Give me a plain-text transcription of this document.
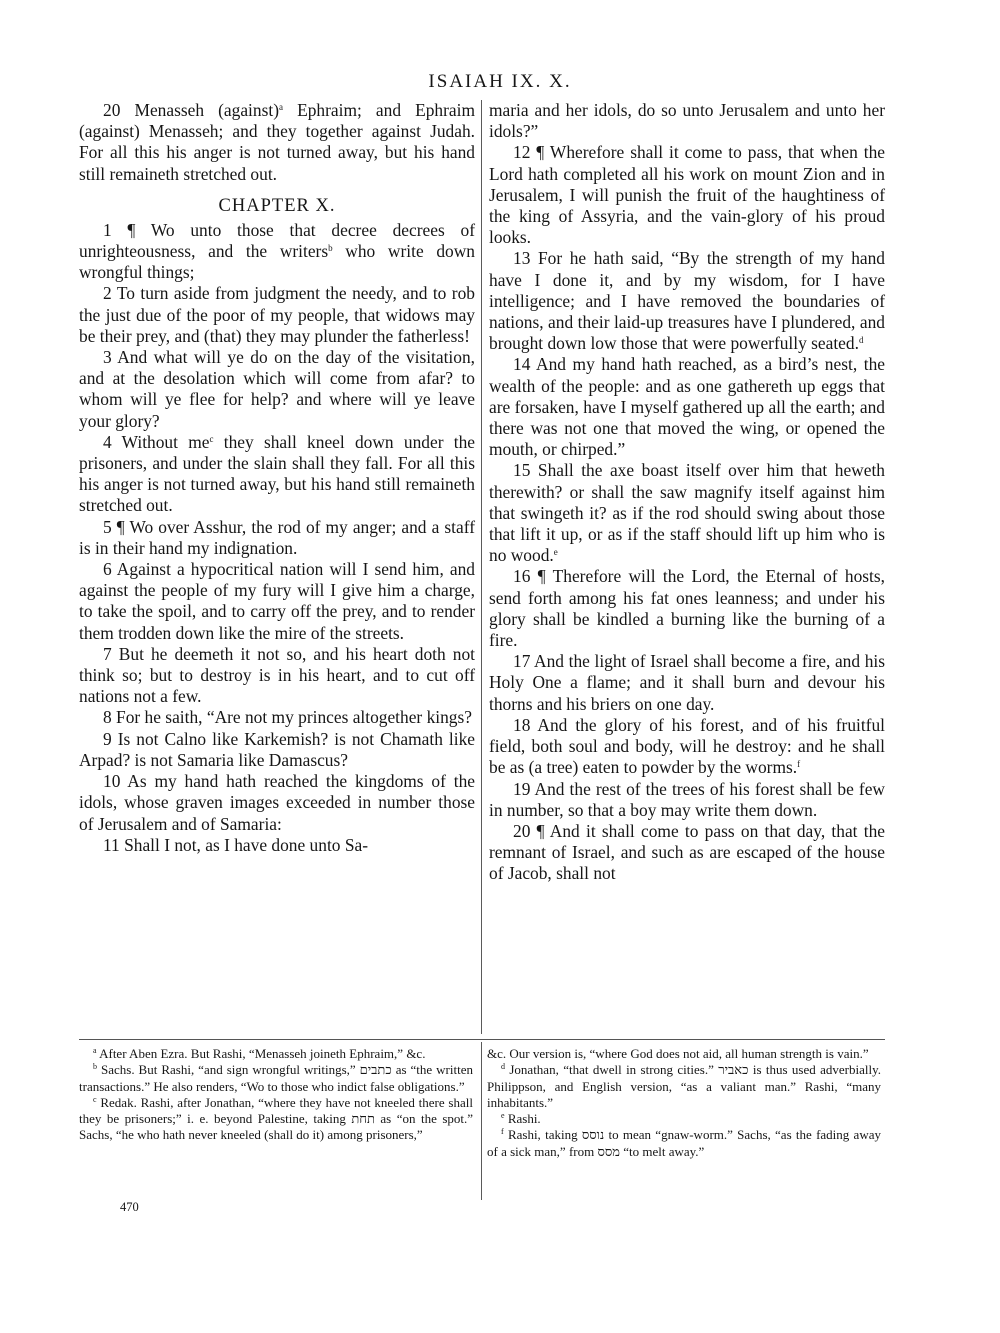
ISAIAH IX. X.

20 Menasseh (against)$^a$ Ephraim; and Ephraim (against) Menasseh; and they together against Judah. For all this his anger is not turned away, but his hand still remaineth stretched out.

CHAPTER X.

1 ¶ Wo unto those that decree decrees of unrighteousness, and the writers$^b$ who write down wrongful things;

2 To turn aside from judgment the needy, and to rob the just due of the poor of my people, that widows may be their prey, and (that) they may plunder the fatherless!

3 And what will ye do on the day of the visitation, and at the desolation which will come from afar? to whom will ye flee for help? and where will ye leave your glory?

4 Without $me^c$ they shall kneel down under the prisoners, and under the slain shall they fall. For all this his anger is not turned away, but his hand still remaineth stretched out.

5 ¶ Wo over Asshur, the rod of my anger; and a staff is in their hand my indignation.

6 Against a hypocritical nation will I send him, and against the people of my fury will I give him a charge, to take the spoil, and to carry off the prey, and to render them trodden down like the mire of the streets.

7 But he deemeth it not so, and his heart doth not think so; but to destroy is in his heart, and to cut off nations not a few.

8 For he saith, “Are not my princes altogether kings?

9 Is not Calno like Karkemish? is not Chamath like Arpad? is not Samaria like Damascus?

10 As my hand hath reached the kingdoms of the idols, whose graven images exceeded in number those of Jerusalem and of Samaria:

11 Shall I not, as I have done unto Sa-

maria and her idols, do so unto Jerusalem and unto her idols?”

12 ¶ Wherefore shall it come to pass, that when the Lord hath completed all his work on mount Zion and in Jerusalem, I will punish the fruit of the haughtiness of the king of Assyria, and the vain-glory of his proud looks.

13 For he hath said, “By the strength of my hand have I done it, and by my wisdom, for I have intelligence; and I have removed the boundaries of nations, and their laid-up treasures have I plundered, and brought down low those that were powerfully seated.$^d$

14 And my hand hath reached, as a bird’s nest, the wealth of the people: and as one gathereth up eggs that are forsaken, have I myself gathered up all the earth; and there was not one that moved the wing, or opened the mouth, or chirped.”

15 Shall the axe boast itself over him that heweth therewith? or shall the saw magnify itself against him that swingeth it? as if the rod should swing about those that lift it up, or as if the staff should lift up him who is no wood.$^e$

16 ¶ Therefore will the Lord, the Eternal of hosts, send forth among his fat ones leanness; and under his glory shall be kindled a burning like the burning of a fire.

17 And the light of Israel shall become a fire, and his Holy One a flame; and it shall burn and devour his thorns and his briers on one day.

18 And the glory of his forest, and of his fruitful field, both soul and body, will he destroy: and he shall be as (a tree) eaten to powder by the worms.$^f$

19 And the rest of the trees of his forest shall be few in number, so that a boy may write them down.

20 ¶ And it shall come to pass on that day, that the remnant of Israel, and such as are escaped of the house of Jacob, shall not

$^a$ After Aben Ezra. But Rashi, “Menasseh joineth Ephraim,” &c.

$^b$ Sachs. But Rashi, “and sign wrongful writings,” כתבים as “the written transactions.” He also renders, “Wo to those who indict false obligations.”

$^c$ Redak. Rashi, after Jonathan, “where they have not kneeled there shall they be prisoners;” i. e. beyond Palestine, taking תחת as “on the spot.” Sachs, “he who hath never kneeled (shall do it) among prisoners,”

&c. Our version is, “where God does not aid, all human strength is vain.”

$^d$ Jonathan, “that dwell in strong cities.” כאביר is thus used adverbially. Philippson, and English version, “as a valiant man.” Rashi, “many inhabitants.”

$^e$ Rashi.

$^f$ Rashi, taking נוסס to mean “gnaw-worm.” Sachs, “as the fading away of a sick man,” from מסס “to melt away.”

470
